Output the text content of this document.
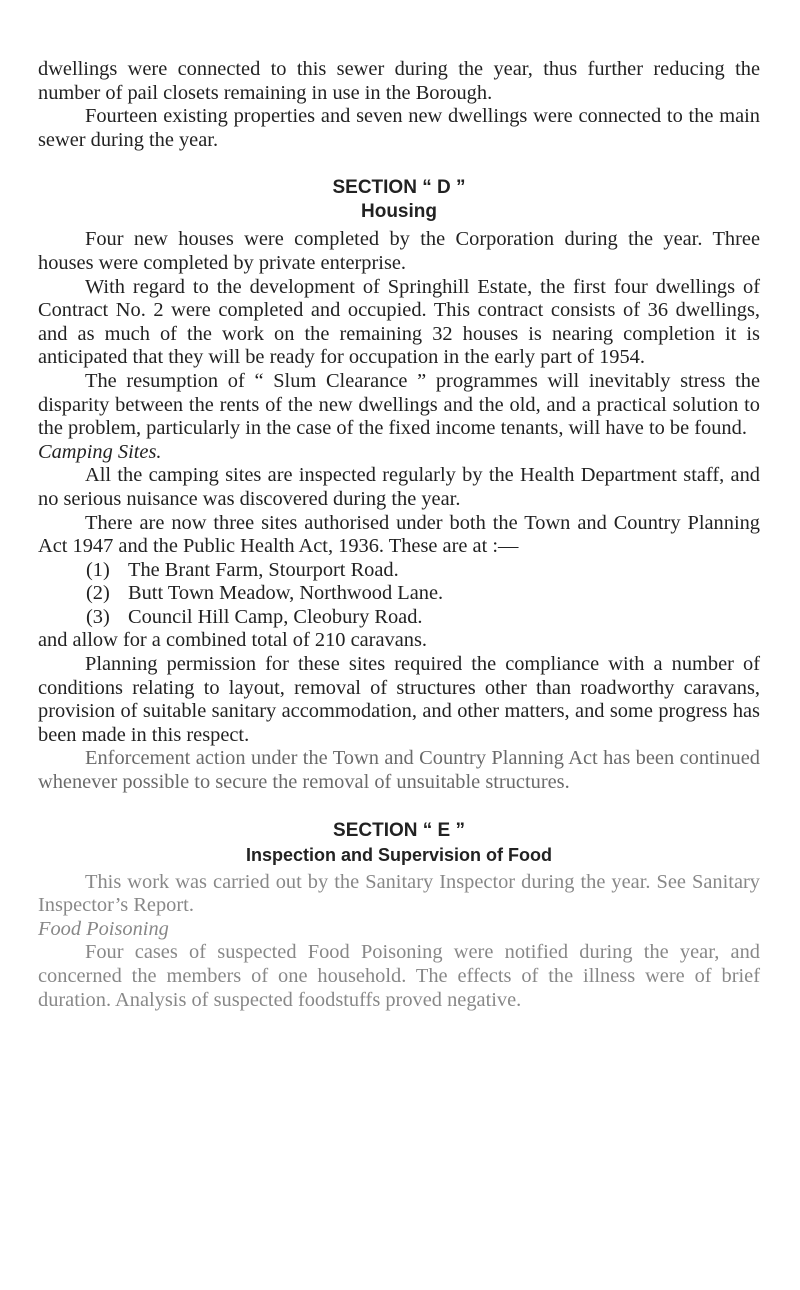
dwellings were connected to this sewer during the year, thus further reducing the number of pail closets remaining in use in the Borough.

Fourteen existing properties and seven new dwellings were connected to the main sewer during the year.

SECTION “ D ”
Housing

Four new houses were completed by the Corporation during the year. Three houses were completed by private enterprise.

With regard to the development of Springhill Estate, the first four dwellings of Contract No. 2 were completed and occupied. This contract consists of 36 dwellings, and as much of the work on the remaining 32 houses is nearing completion it is anticipated that they will be ready for occupation in the early part of 1954.

The resumption of “ Slum Clearance ” programmes will inevitably stress the disparity between the rents of the new dwellings and the old, and a practical solution to the problem, particularly in the case of the fixed income tenants, will have to be found.

Camping Sites.

All the camping sites are inspected regularly by the Health Department staff, and no serious nuisance was discovered during the year.

There are now three sites authorised under both the Town and Country Planning Act 1947 and the Public Health Act, 1936. These are at :—

(1) The Brant Farm, Stourport Road.
(2) Butt Town Meadow, Northwood Lane.
(3) Council Hill Camp, Cleobury Road.

and allow for a combined total of 210 caravans.

Planning permission for these sites required the compliance with a number of conditions relating to layout, removal of structures other than roadworthy caravans, provision of suitable sanitary accommodation, and other matters, and some progress has been made in this respect.

Enforcement action under the Town and Country Planning Act has been continued whenever possible to secure the removal of unsuitable structures.

SECTION “ E ”
Inspection and Supervision of Food

This work was carried out by the Sanitary Inspector during the year. See Sanitary Inspector’s Report.

Food Poisoning

Four cases of suspected Food Poisoning were notified during the year, and concerned the members of one household. The effects of the illness were of brief duration. Analysis of suspected foodstuffs proved negative.
